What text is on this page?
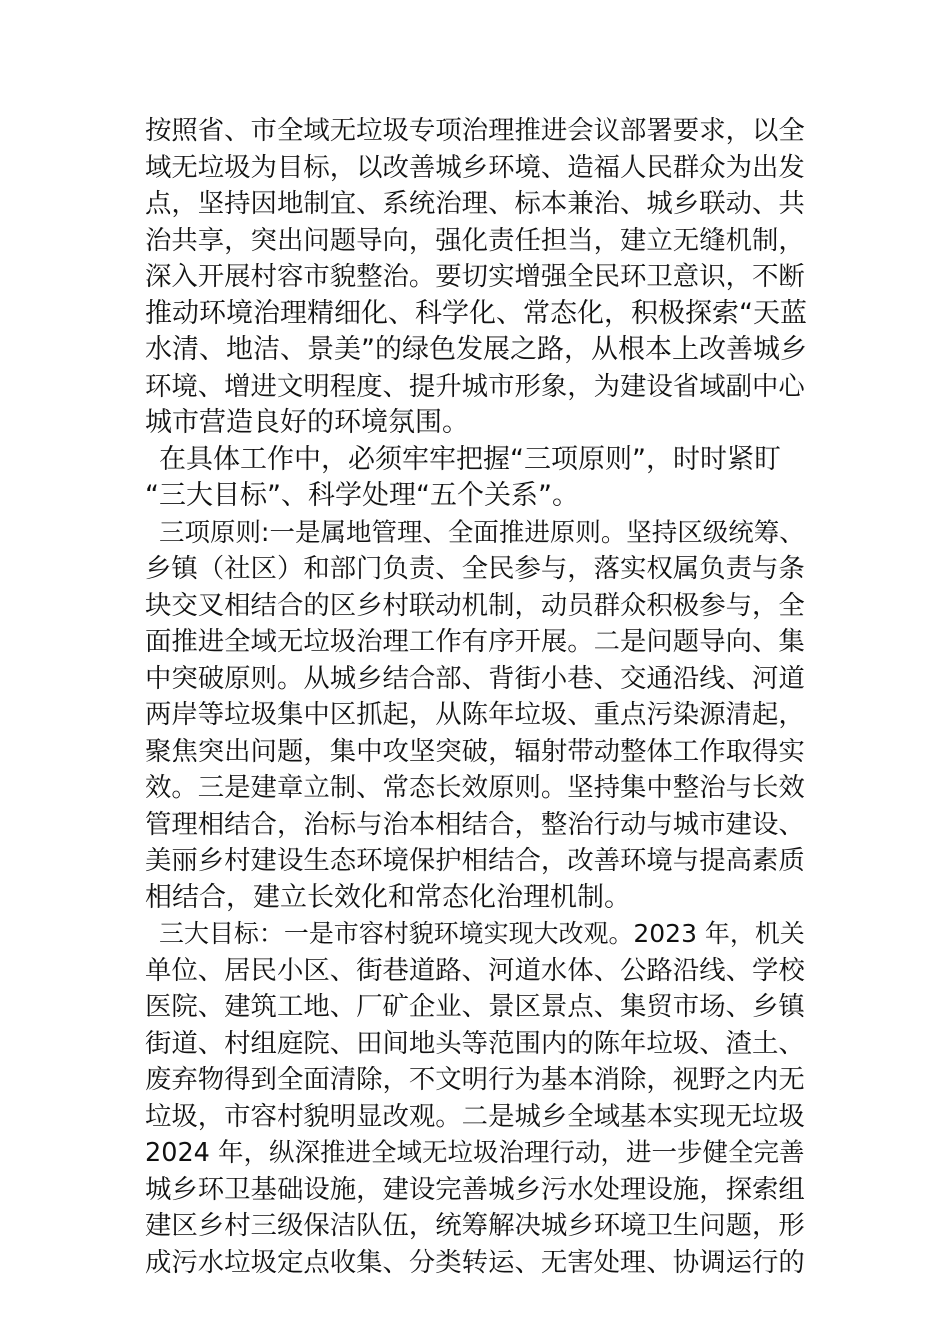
按照省、市全域无垃圾专项治理推进会议部署要求，以全
域无垃圾为目标，以改善城乡环境、造福人民群众为出发
点，坚持因地制宜、系统治理、标本兼治、城乡联动、共
治共享，突出问题导向，强化责任担当，建立无缝机制，
深入开展村容市貌整治。要切实增强全民环卫意识，不断
推动环境治理精细化、科学化、常态化，积极探索“天蓝
水清、地洁、景美”的绿色发展之路，从根本上改善城乡
环境、增进文明程度、提升城市形象，为建设省域副中心
城市营造良好的环境氛围。
在具体工作中，必须牢牢把握“三项原则”，时时紧盯
“三大目标”、科学处理“五个关系”。
三项原则:一是属地管理、全面推进原则。坚持区级统筹、
乡镇（社区）和部门负责、全民参与，落实权属负责与条
块交叉相结合的区乡村联动机制，动员群众积极参与，全
面推进全域无垃圾治理工作有序开展。二是问题导向、集
中突破原则。从城乡结合部、背街小巷、交通沿线、河道
两岸等垃圾集中区抓起，从陈年垃圾、重点污染源清起，
聚焦突出问题，集中攻坚突破，辐射带动整体工作取得实
效。三是建章立制、常态长效原则。坚持集中整治与长效
管理相结合，治标与治本相结合，整治行动与城市建设、
美丽乡村建设生态环境保护相结合，改善环境与提高素质
相结合，建立长效化和常态化治理机制。
三大目标：一是市容村貌环境实现大改观。2023 年，机关
单位、居民小区、街巷道路、河道水体、公路沿线、学校
医院、建筑工地、厂矿企业、景区景点、集贸市场、乡镇
街道、村组庭院、田间地头等范围内的陈年垃圾、渣土、
废弃物得到全面清除，不文明行为基本消除，视野之内无
垃圾，市容村貌明显改观。二是城乡全域基本实现无垃圾
2024 年，纵深推进全域无垃圾治理行动，进一步健全完善
城乡环卫基础设施，建设完善城乡污水处理设施，探索组
建区乡村三级保洁队伍，统筹解决城乡环境卫生问题，形
成污水垃圾定点收集、分类转运、无害处理、协调运行的
